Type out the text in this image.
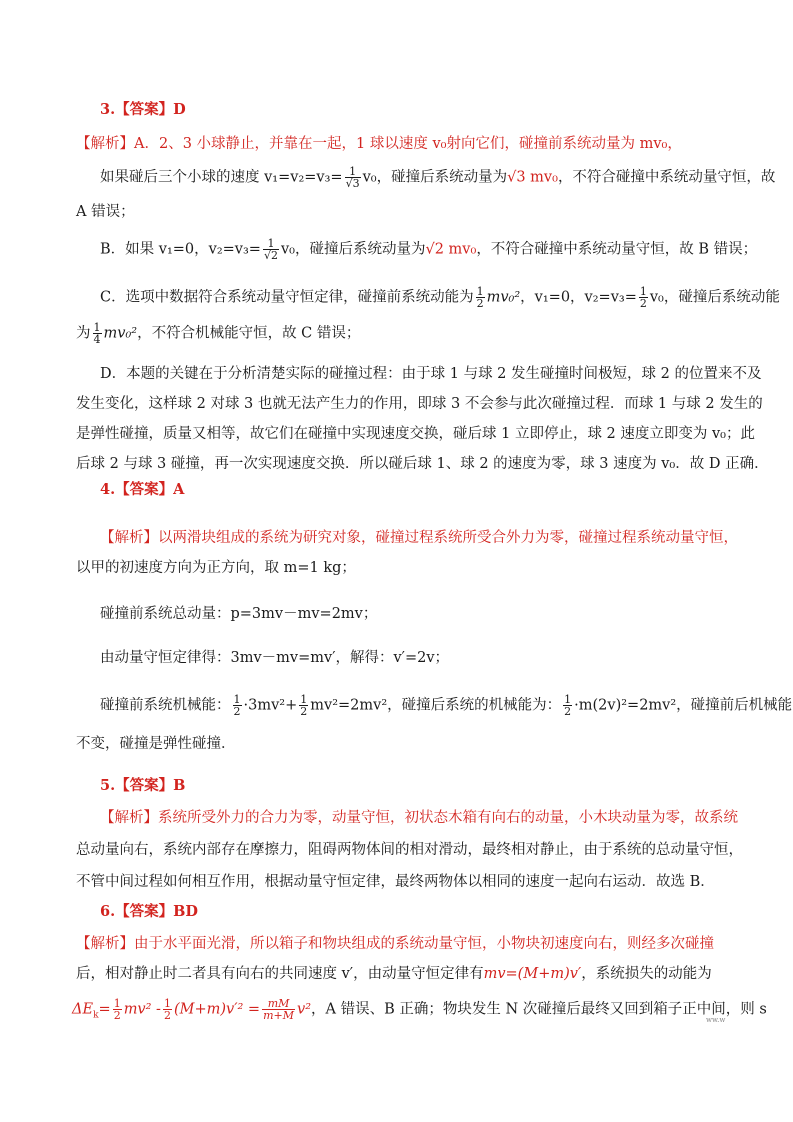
3.【答案】D
【解析】A．2、3 小球静止，并靠在一起，1 球以速度 v₀射向它们，碰撞前系统动量为 mv₀，
如果碰后三个小球的速度 $v_1=v_2=v_3= \frac{1}{√3} v_0$，碰撞后系统动量为√3 mv₀，不符合碰撞中系统动量守恒，故
A 错误；
B．如果 v₁=0，$v_2=v_3= \frac{1}{√2} v_0$，碰撞后系统动量为√2 mv₀，不符合碰撞中系统动量守恒，故 B 错误；
C．选项中数据符合系统动量守恒定律，碰撞前系统动能为 $\frac{1}{2} mv_0^2$，v₁=0，$v_2=v_3= \frac{1}{2} v_0$，碰撞后系统动能
为 $\frac{1}{4} mv_0^2$，不符合机械能守恒，故 C 错误；
D．本题的关键在于分析清楚实际的碰撞过程：由于球 1 与球 2 发生碰撞时间极短，球 2 的位置来不及
发生变化，这样球 2 对球 3 也就无法产生力的作用，即球 3 不会参与此次碰撞过程．而球 1 与球 2 发生的
是弹性碰撞，质量又相等，故它们在碰撞中实现速度交换，碰后球 1 立即停止，球 2 速度立即变为 v₀；此
后球 2 与球 3 碰撞，再一次实现速度交换．所以碰后球 1、球 2 的速度为零，球 3 速度为 v₀．故 D 正确．
4.【答案】A
【解析】以两滑块组成的系统为研究对象，碰撞过程系统所受合外力为零，碰撞过程系统动量守恒，
以甲的初速度方向为正方向，取 m=1 kg；
碰撞前系统总动量：p=3mv－mv=2mv；
由动量守恒定律得：3mv－mv=mv′，解得：v′=2v；
碰撞前系统机械能： $\frac{1}{2} \cdot 3mv^2+ \frac{1}{2} mv^2=2mv^2$，碰撞后系统的机械能为： $\frac{1}{2} \cdot m(2v)^2=2mv^2$，碰撞前后机械能
不变，碰撞是弹性碰撞．
5.【答案】B
【解析】系统所受外力的合力为零，动量守恒，初状态木箱有向右的动量，小木块动量为零，故系统
总动量向右，系统内部存在摩擦力，阻碍两物体间的相对滑动，最终相对静止，由于系统的总动量守恒，
不管中间过程如何相互作用，根据动量守恒定律，最终两物体以相同的速度一起向右运动．故选 B．
6.【答案】BD
【解析】由于水平面光滑，所以箱子和物块组成的系统动量守恒，小物块初速度向右，则经多次碰撞
后，相对静止时二者具有向右的共同速度 v′，由动量守恒定律有mv=(M+m)v′，系统损失的动能为
$\Delta E_k= \frac{1}{2} mv^2 - \frac{1}{2} (M+m)v'^2 = \frac{mM}{m+M} v^2$，A 错误、B 正确；物块发生 N 次碰撞后最终又回到箱子正中间，则 s
ww.w
